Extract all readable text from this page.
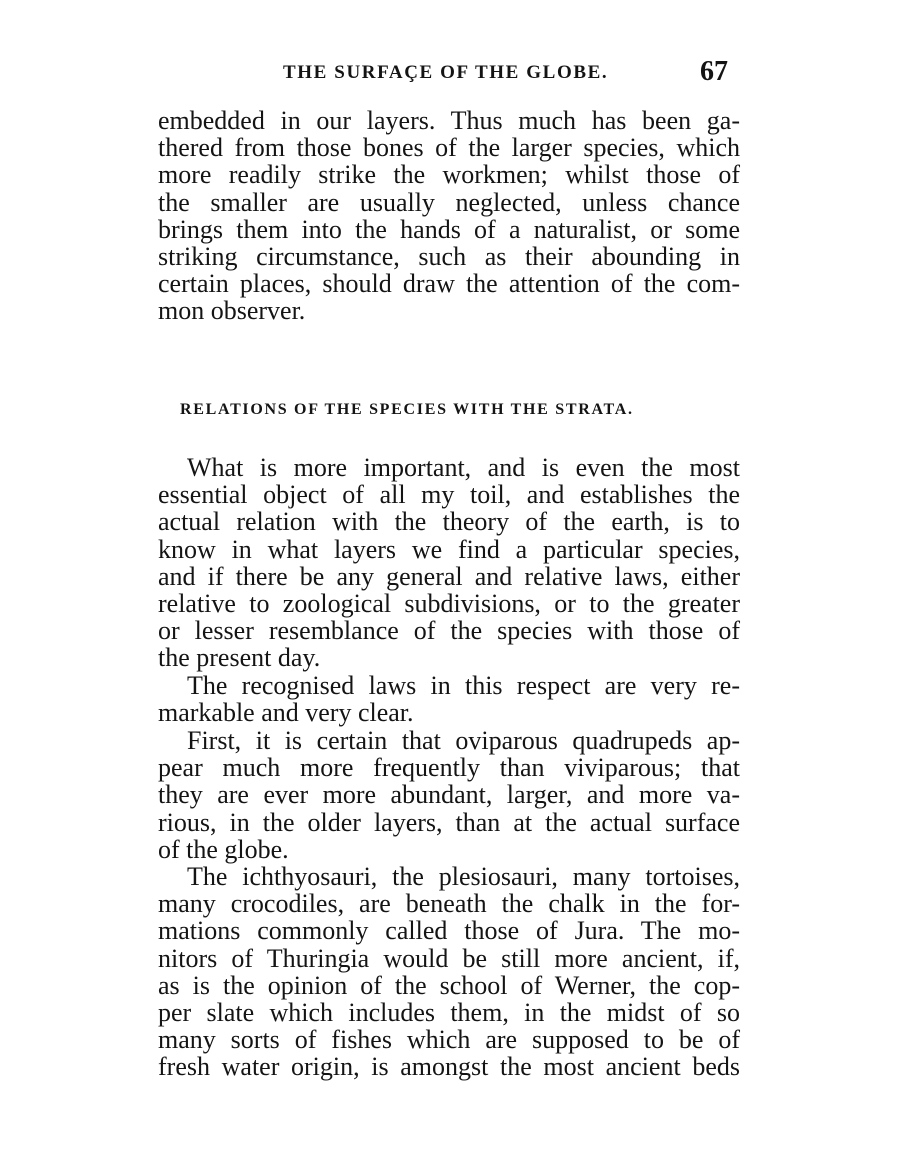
THE SURFAÇE OF THE GLOBE.	67
embedded in our layers. Thus much has been ga-
thered from those bones of the larger species, which
more readily strike the workmen; whilst those of
the smaller are usually neglected, unless chance
brings them into the hands of a naturalist, or some
striking circumstance, such as their abounding in
certain places, should draw the attention of the com-
mon observer.
RELATIONS OF THE SPECIES WITH THE STRATA.
What is more important, and is even the most
essential object of all my toil, and establishes the
actual relation with the theory of the earth, is to
know in what layers we find a particular species,
and if there be any general and relative laws, either
relative to zoological subdivisions, or to the greater
or lesser resemblance of the species with those of
the present day.
The recognised laws in this respect are very re-
markable and very clear.
First, it is certain that oviparous quadrupeds ap-
pear much more frequently than viviparous; that
they are ever more abundant, larger, and more va-
rious, in the older layers, than at the actual surface
of the globe.
The ichthyosauri, the plesiosauri, many tortoises,
many crocodiles, are beneath the chalk in the for-
mations commonly called those of Jura. The mo-
nitors of Thuringia would be still more ancient, if,
as is the opinion of the school of Werner, the cop-
per slate which includes them, in the midst of so
many sorts of fishes which are supposed to be of
fresh water origin, is amongst the most ancient beds
